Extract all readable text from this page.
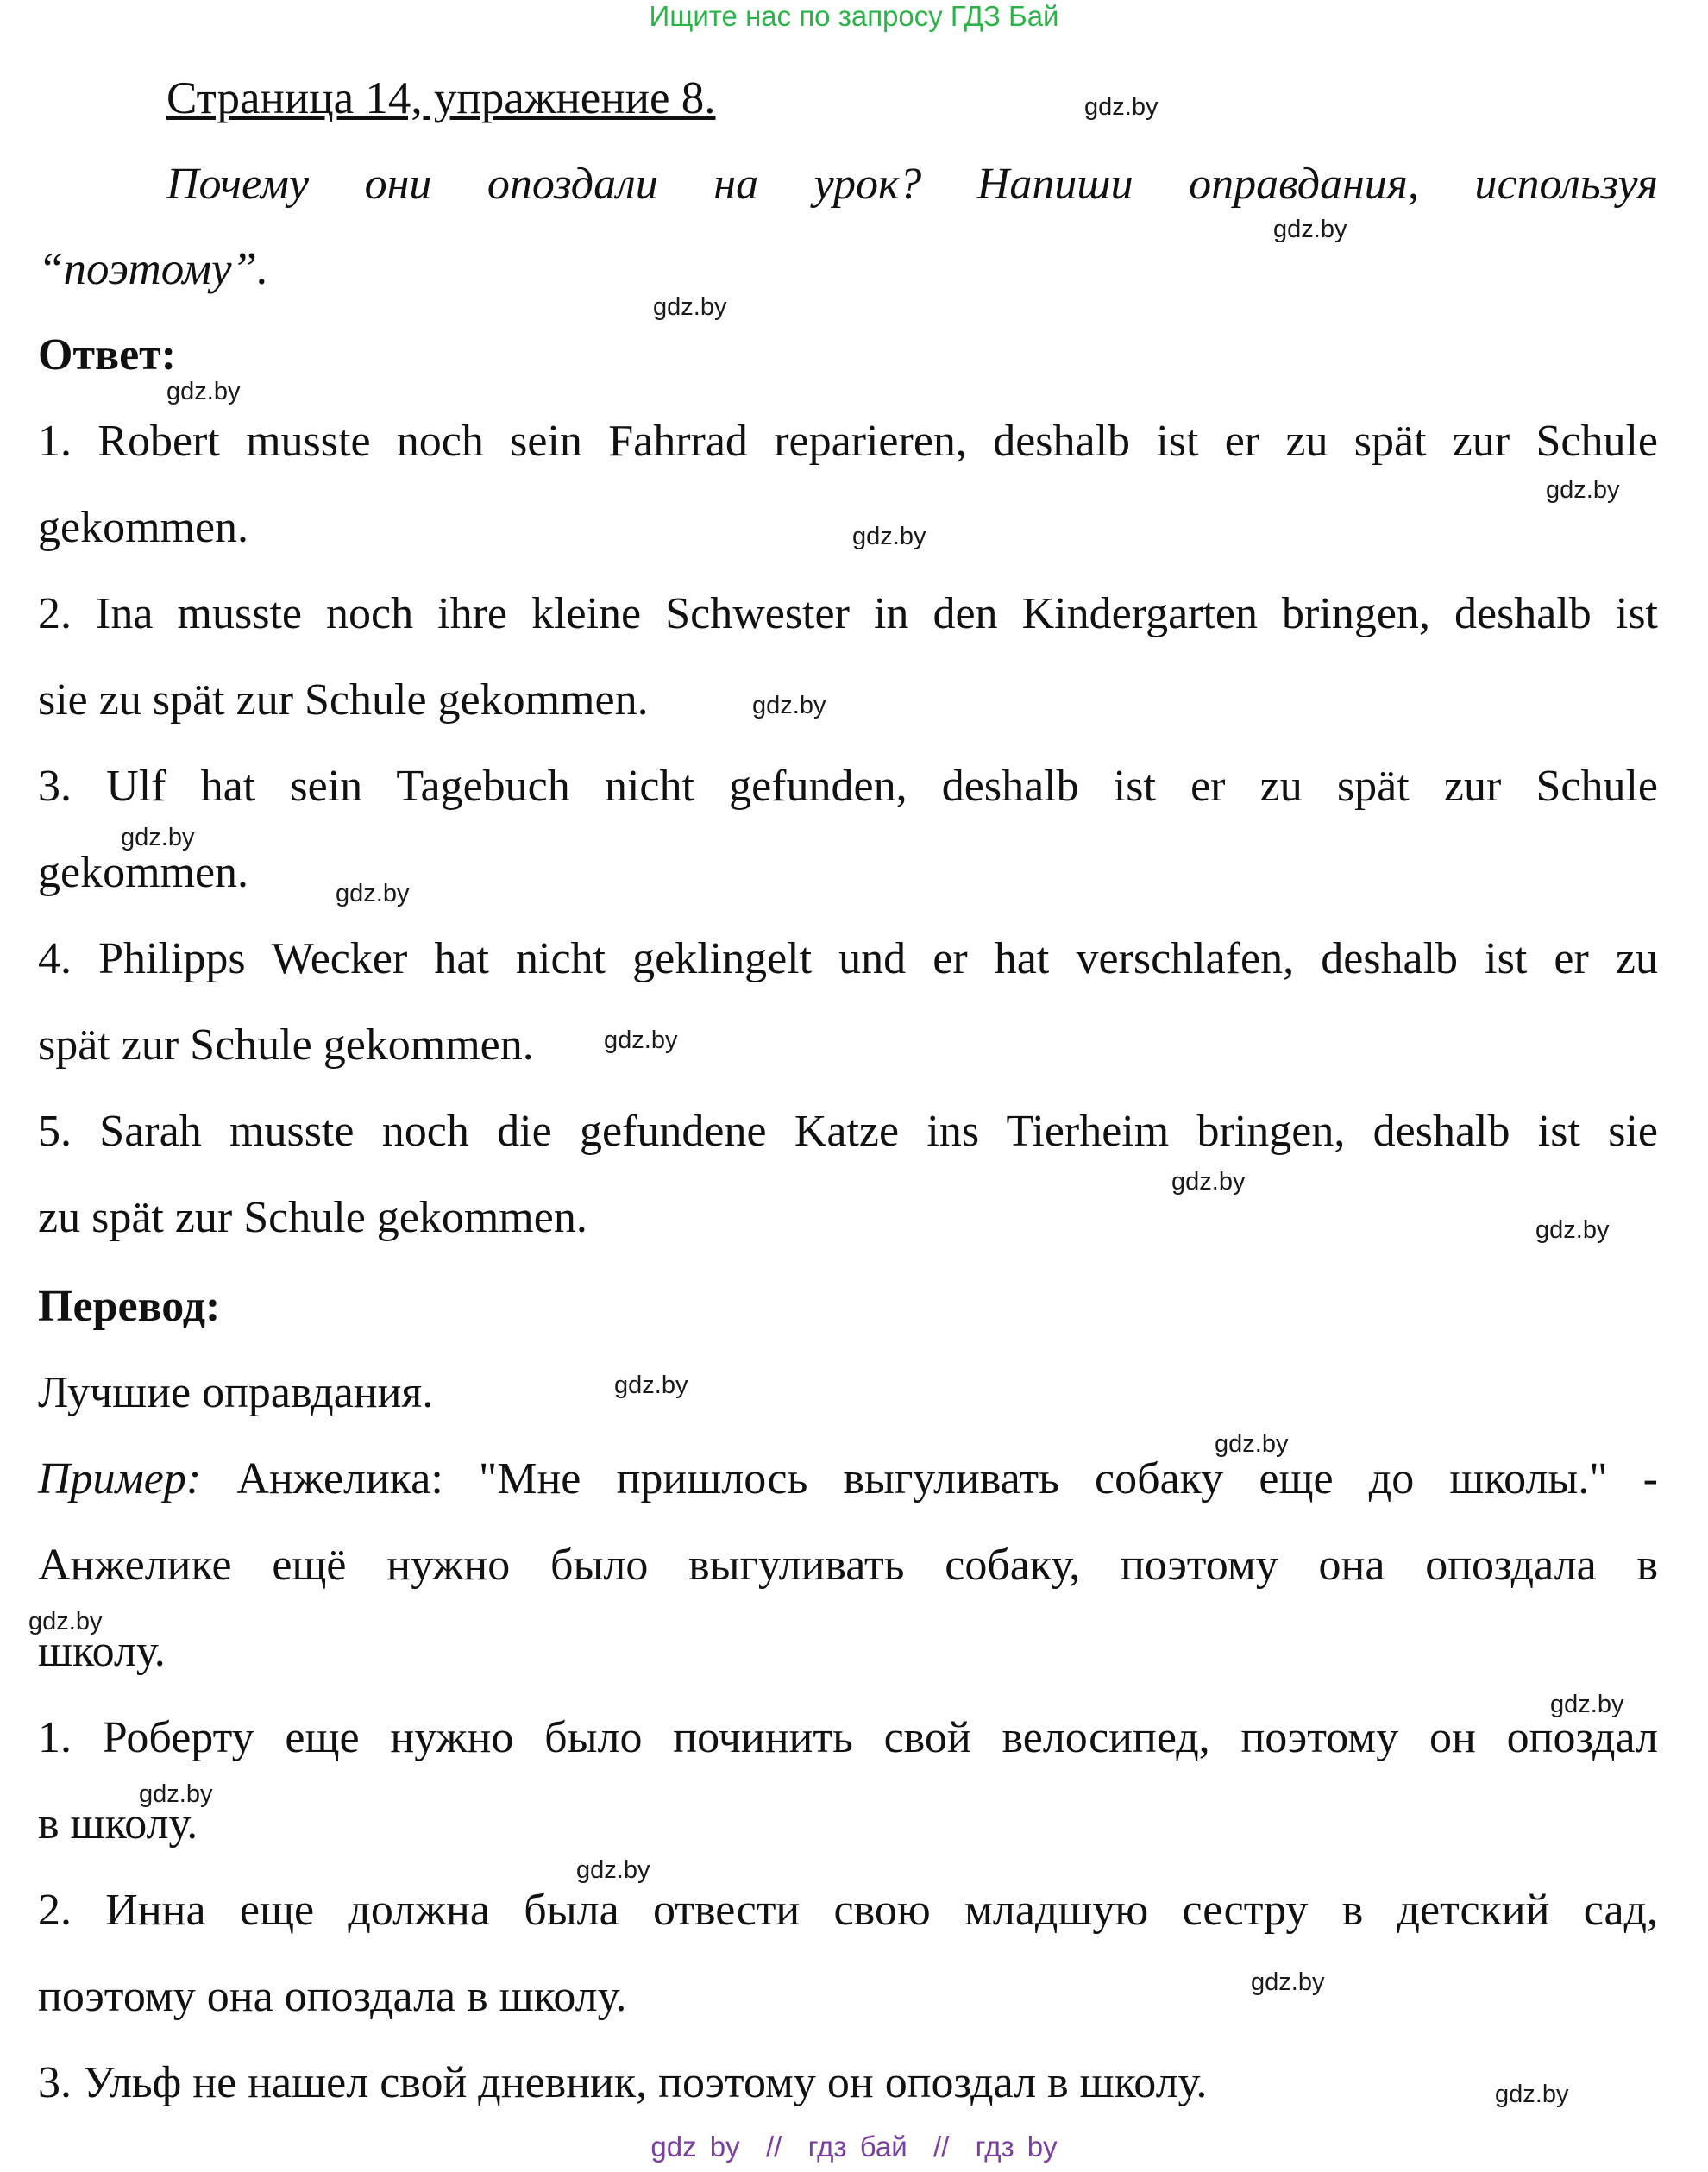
Ищите нас по запросу ГДЗ Бай
Страница 14, упражнение 8.
Почему они опоздали на урок? Напиши оправдания, используя
“поэтому”.
Ответ:
1. Robert musste noch sein Fahrrad reparieren, deshalb ist er zu spät zur Schule
gekommen.
2. Ina musste noch ihre kleine Schwester in den Kindergarten bringen, deshalb ist
sie zu spät zur Schule gekommen.
3. Ulf hat sein Tagebuch nicht gefunden, deshalb ist er zu spät zur Schule
gekommen.
4. Philipps Wecker hat nicht geklingelt und er hat verschlafen, deshalb ist er zu
spät zur Schule gekommen.
5. Sarah musste noch die gefundene Katze ins Tierheim bringen, deshalb ist sie
zu spät zur Schule gekommen.
Перевод:
Лучшие оправдания.
Пример: Анжелика: "Мне пришлось выгуливать собаку еще до школы." -
Анжелике ещё нужно было выгуливать собаку, поэтому она опоздала в
школу.
1. Роберту еще нужно было починить свой велосипед, поэтому он опоздал
в школу.
2. Инна еще должна была отвести свою младшую сестру в детский сад,
поэтому она опоздала в школу.
3. Ульф не нашел свой дневник, поэтому он опоздал в школу.
gdz.by
gdz.by
gdz.by
gdz.by
gdz.by
gdz.by
gdz.by
gdz.by
gdz.by
gdz.by
gdz.by
gdz.by
gdz.by
gdz.by
gdz.by
gdz.by
gdz.by
gdz.by
gdz.by
gdz.by
gdz by  //  гдз бай  //  гдз by
